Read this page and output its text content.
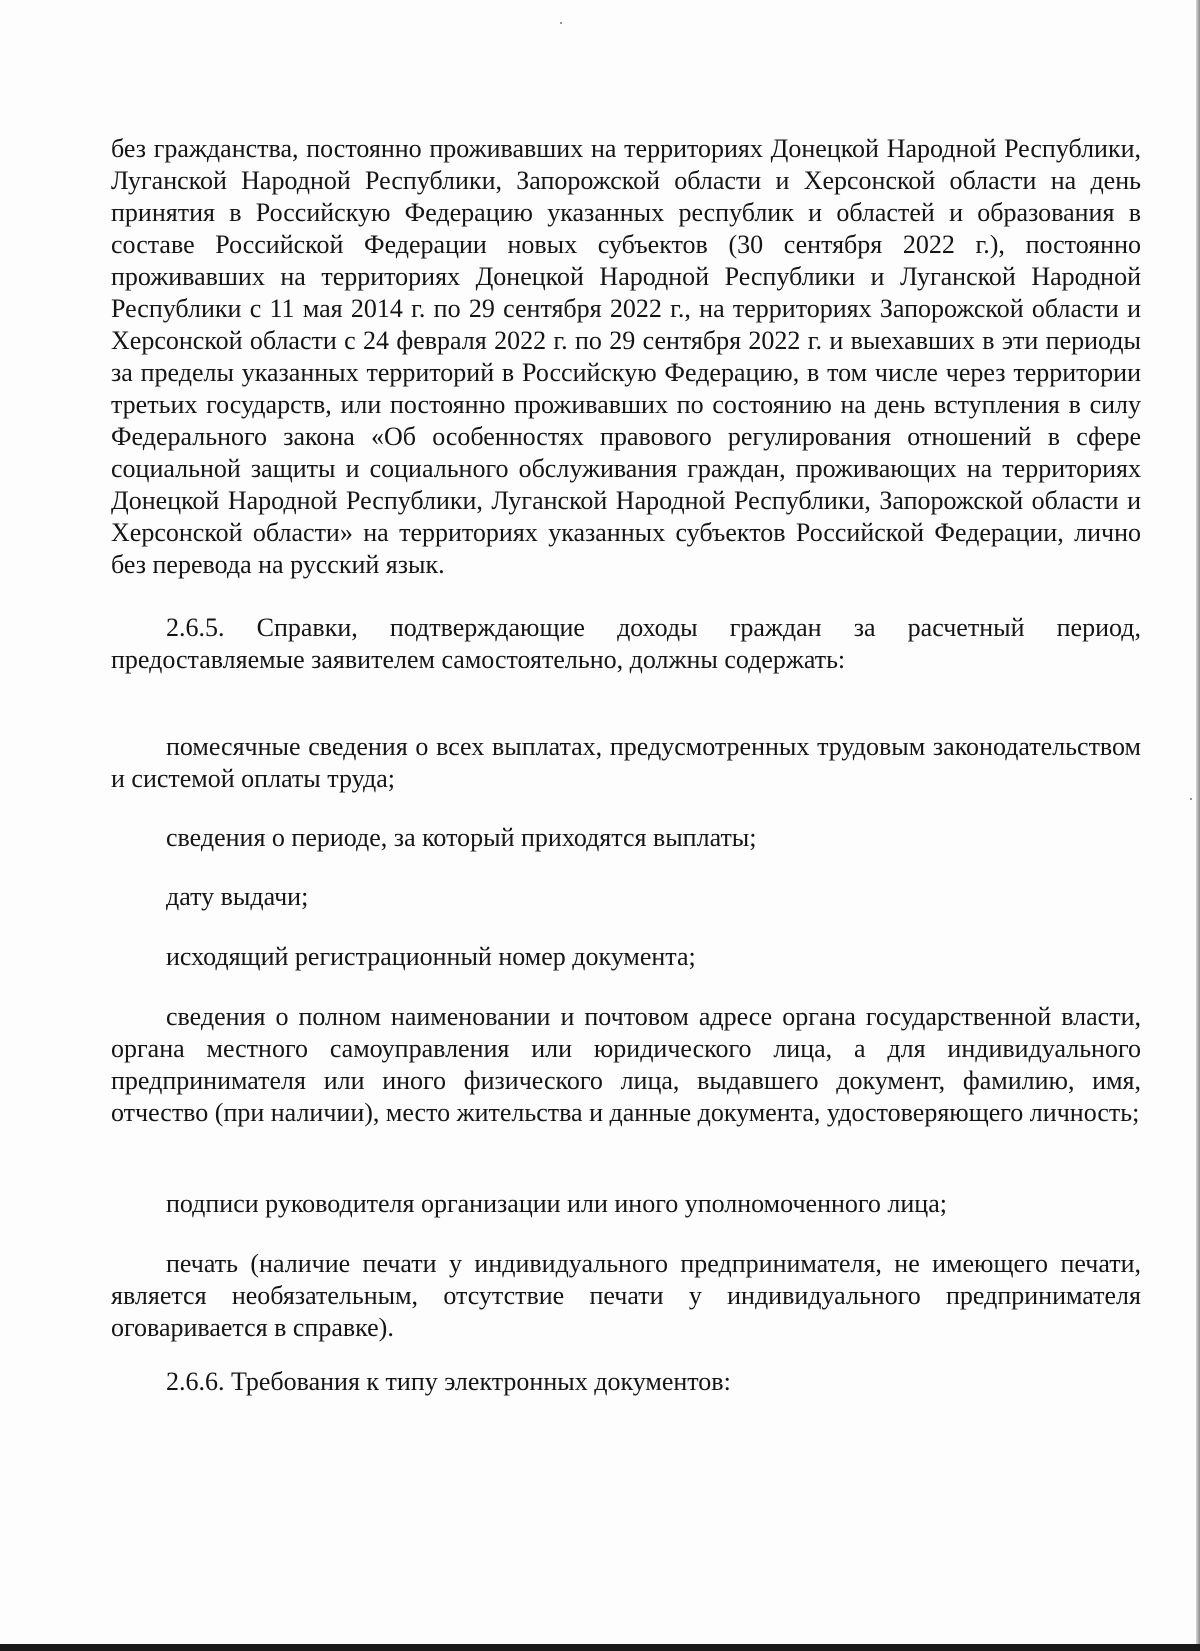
без гражданства, постоянно проживавших на территориях Донецкой Народной Республики, Луганской Народной Республики, Запорожской области и Херсонской области на день принятия в Российскую Федерацию указанных республик и областей и образования в составе Российской Федерации новых субъектов (30 сентября 2022 г.), постоянно проживавших на территориях Донецкой Народной Республики и Луганской Народной Республики с 11 мая 2014 г. по 29 сентября 2022 г., на территориях Запорожской области и Херсонской области с 24 февраля 2022 г. по 29 сентября 2022 г. и выехавших в эти периоды за пределы указанных территорий в Российскую Федерацию, в том числе через территории третьих государств, или постоянно проживавших по состоянию на день вступления в силу Федерального закона «Об особенностях правового регулирования отношений в сфере социальной защиты и социального обслуживания граждан, проживающих на территориях Донецкой Народной Республики, Луганской Народной Республики, Запорожской области и Херсонской области» на территориях указанных субъектов Российской Федерации, лично без перевода на русский язык.

2.6.5. Справки, подтверждающие доходы граждан за расчетный период, предоставляемые заявителем самостоятельно, должны содержать:

помесячные сведения о всех выплатах, предусмотренных трудовым законодательством и системой оплаты труда;

сведения о периоде, за который приходятся выплаты;

дату выдачи;

исходящий регистрационный номер документа;

сведения о полном наименовании и почтовом адресе органа государственной власти, органа местного самоуправления или юридического лица, а для индивидуального предпринимателя или иного физического лица, выдавшего документ, фамилию, имя, отчество (при наличии), место жительства и данные документа, удостоверяющего личность;

подписи руководителя организации или иного уполномоченного лица;

печать (наличие печати у индивидуального предпринимателя, не имеющего печати, является необязательным, отсутствие печати у индивидуального предпринимателя оговаривается в справке).

2.6.6. Требования к типу электронных документов:
